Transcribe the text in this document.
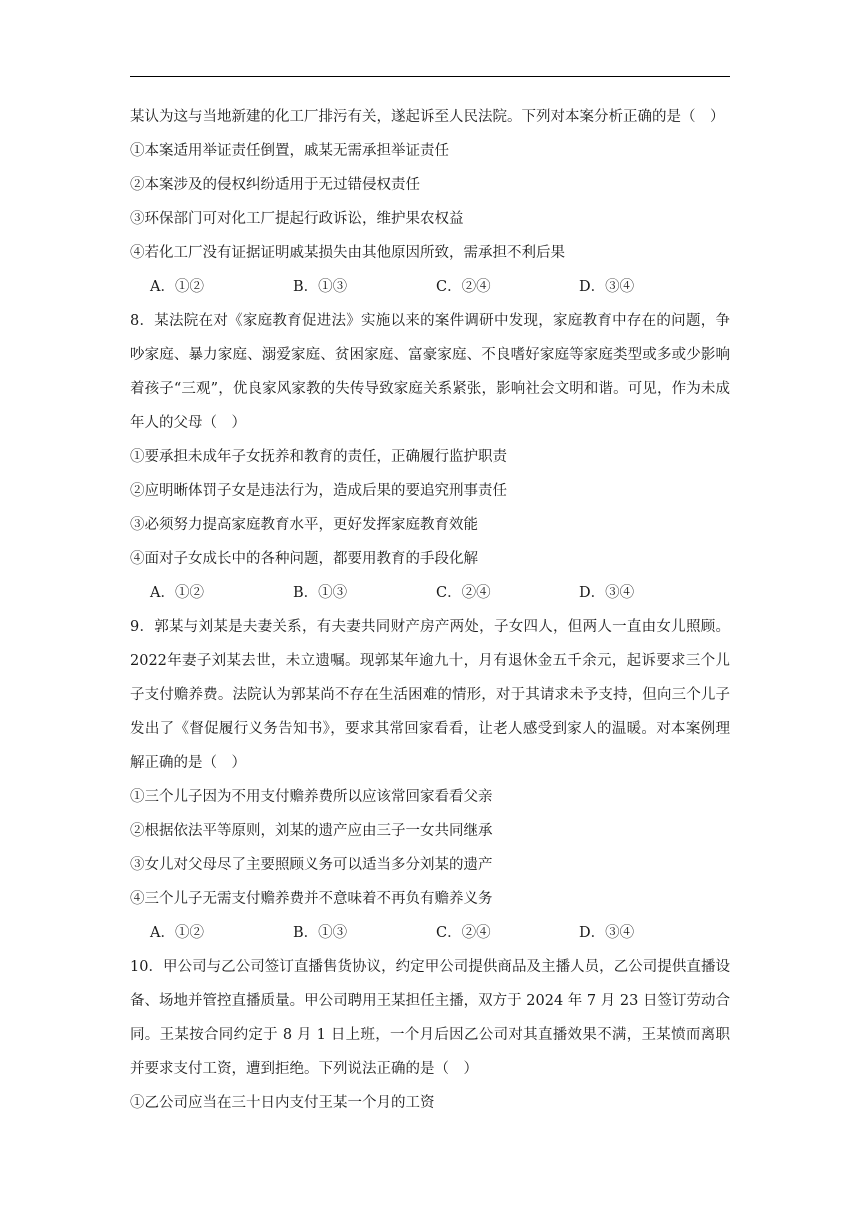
某认为这与当地新建的化工厂排污有关，遂起诉至人民法院。下列对本案分析正确的是（　）
①本案适用举证责任倒置，戚某无需承担举证责任
②本案涉及的侵权纠纷适用于无过错侵权责任
③环保部门可对化工厂提起行政诉讼，维护果农权益
④若化工厂没有证据证明戚某损失由其他原因所致，需承担不利后果
A．①②	B．①③	C．②④	D．③④
8．某法院在对《家庭教育促进法》实施以来的案件调研中发现，家庭教育中存在的问题，争吵家庭、暴力家庭、溺爱家庭、贫困家庭、富豪家庭、不良嗜好家庭等家庭类型或多或少影响着孩子“三观”，优良家风家教的失传导致家庭关系紧张，影响社会文明和谐。可见，作为未成年人的父母（　）
①要承担未成年子女抚养和教育的责任，正确履行监护职责
②应明晰体罚子女是违法行为，造成后果的要追究刑事责任
③必须努力提高家庭教育水平，更好发挥家庭教育效能
④面对子女成长中的各种问题，都要用教育的手段化解
A．①②	B．①③	C．②④	D．③④
9．郭某与刘某是夫妻关系，有夫妻共同财产房产两处，子女四人，但两人一直由女儿照顾。2022年妻子刘某去世，未立遗嘱。现郭某年逾九十，月有退休金五千余元，起诉要求三个儿子支付赡养费。法院认为郭某尚不存在生活困难的情形，对于其请求未予支持，但向三个儿子发出了《督促履行义务告知书》，要求其常回家看看，让老人感受到家人的温暖。对本案例理解正确的是（　）
①三个儿子因为不用支付赡养费所以应该常回家看看父亲
②根据依法平等原则，刘某的遗产应由三子一女共同继承
③女儿对父母尽了主要照顾义务可以适当多分刘某的遗产
④三个儿子无需支付赡养费并不意味着不再负有赡养义务
A．①②	B．①③	C．②④	D．③④
10．甲公司与乙公司签订直播售货协议，约定甲公司提供商品及主播人员，乙公司提供直播设备、场地并管控直播质量。甲公司聘用王某担任主播，双方于 2024 年 7 月 23 日签订劳动合同。王某按合同约定于 8 月 1 日上班，一个月后因乙公司对其直播效果不满，王某愤而离职并要求支付工资，遭到拒绝。下列说法正确的是（　）
①乙公司应当在三十日内支付王某一个月的工资
